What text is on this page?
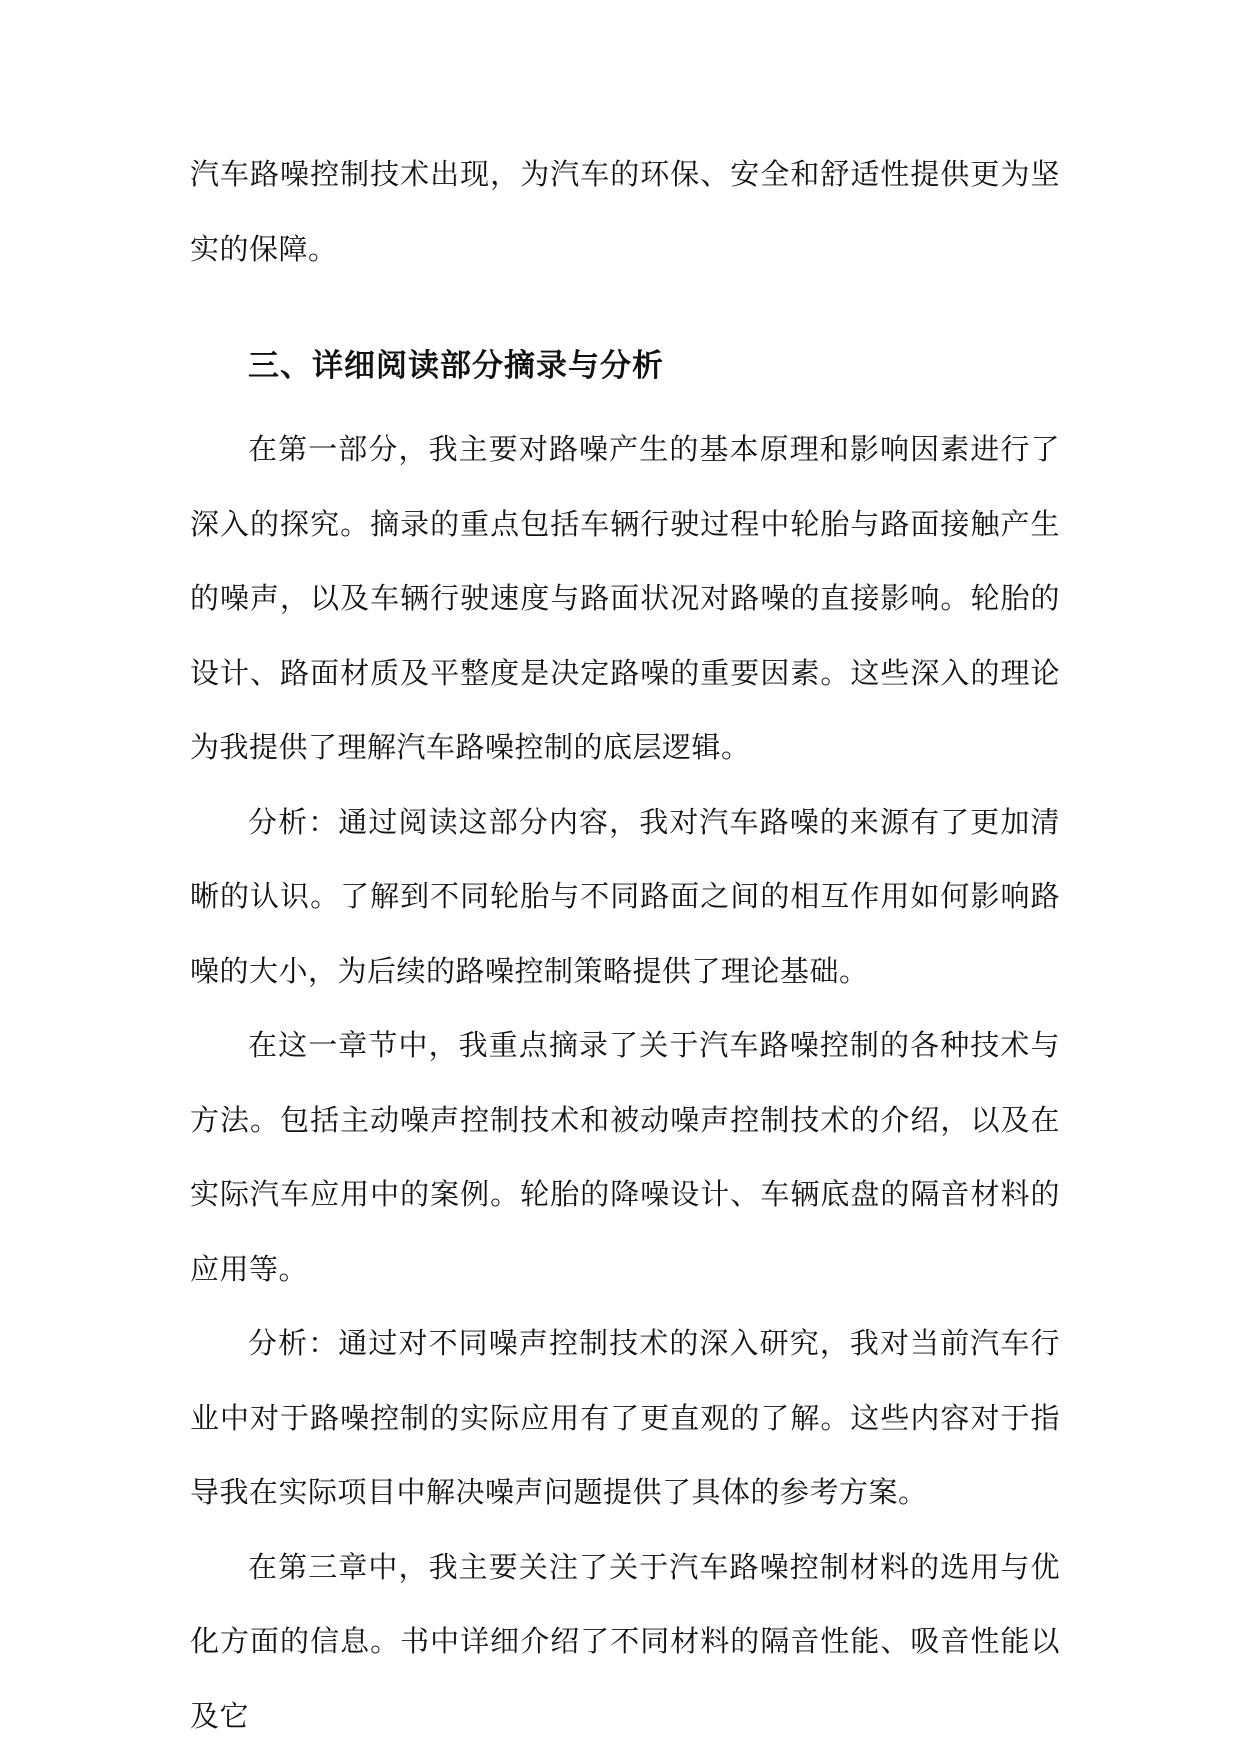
汽车路噪控制技术出现，为汽车的环保、安全和舒适性提供更为坚实的保障。

三、详细阅读部分摘录与分析

在第一部分，我主要对路噪产生的基本原理和影响因素进行了深入的探究。摘录的重点包括车辆行驶过程中轮胎与路面接触产生的噪声，以及车辆行驶速度与路面状况对路噪的直接影响。轮胎的设计、路面材质及平整度是决定路噪的重要因素。这些深入的理论为我提供了理解汽车路噪控制的底层逻辑。

分析：通过阅读这部分内容，我对汽车路噪的来源有了更加清晰的认识。了解到不同轮胎与不同路面之间的相互作用如何影响路噪的大小，为后续的路噪控制策略提供了理论基础。

在这一章节中，我重点摘录了关于汽车路噪控制的各种技术与方法。包括主动噪声控制技术和被动噪声控制技术的介绍，以及在实际汽车应用中的案例。轮胎的降噪设计、车辆底盘的隔音材料的应用等。

分析：通过对不同噪声控制技术的深入研究，我对当前汽车行业中对于路噪控制的实际应用有了更直观的了解。这些内容对于指导我在实际项目中解决噪声问题提供了具体的参考方案。

在第三章中，我主要关注了关于汽车路噪控制材料的选用与优化方面的信息。书中详细介绍了不同材料的隔音性能、吸音性能以及它
